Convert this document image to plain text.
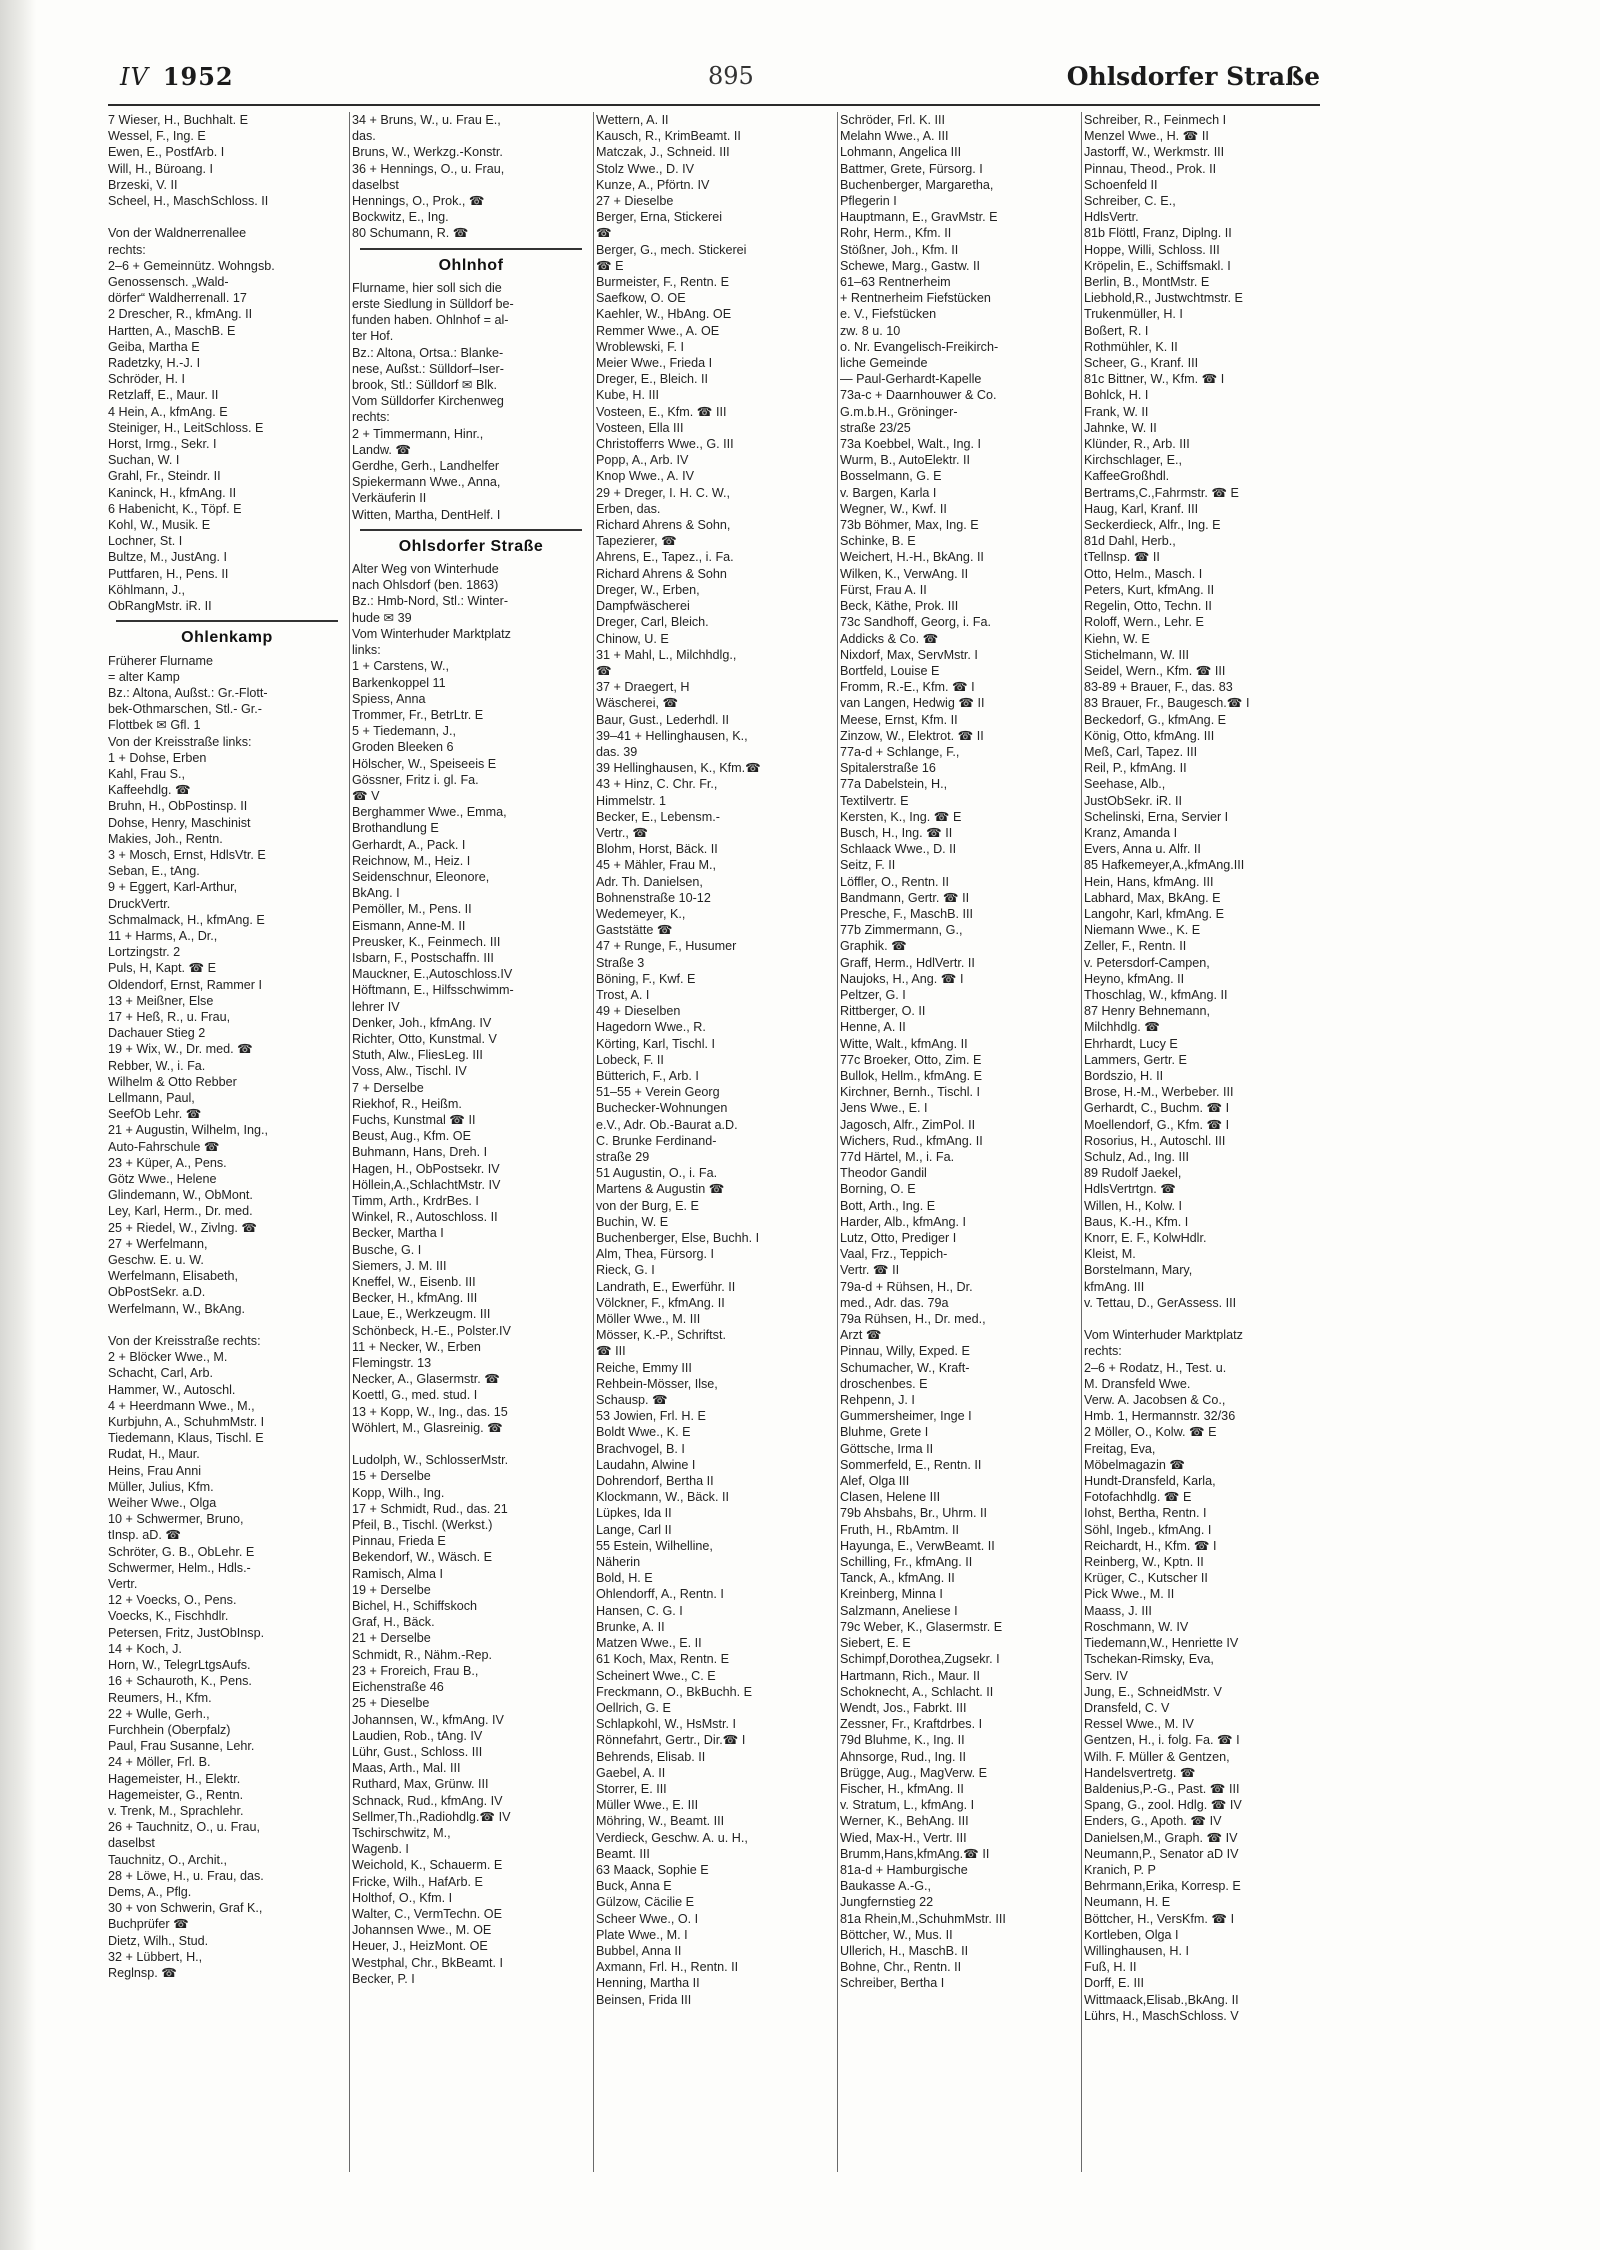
IV 1952	895	Ohlsdorfer Straße
7 Wieser, H., Buchhalt. E
Wessel, F., Ing. E
Ewen, E., PostfArb. I
Will, H., Büroang. I
Brzeski, V. II
Scheel, H., MaschSchloss. II

Von der Waldnerrenallee
rechts:
2–6 + Gemeinnütz. Wohngsb.
Genossensch. „Wald-
dörfer“ Waldherrenall. 17
2 Drescher, R., kfmAng. II
Hartten, A., MaschB. E
Geiba, Martha E
Radetzky, H.-J. I
Schröder, H. I
Retzlaff, E., Maur. II
4 Hein, A., kfmAng. E
Steiniger, H., LeitSchloss. E
Horst, Irmg., Sekr. I
Suchan, W. I
Grahl, Fr., Steindr. II
Kaninck, H., kfmAng. II
6 Habenicht, K., Töpf. E
Kohl, W., Musik. E
Lochner, St. I
Bultze, M., JustAng. I
Puttfaren, H., Pens. II
Köhlmann, J.,
ObRangMstr. iR. II
Ohlenkamp
Früherer Flurname
= alter Kamp
Bz.: Altona, Außst.: Gr.-Flott-
bek-Othmarschen, Stl.- Gr.-
Flottbek ✉ Gfl. 1
Von der Kreisstraße links:
1 + Dohse, Erben
Kahl, Frau S.,
Kaffeehdlg. ☎
Bruhn, H., ObPostinsp. II
Dohse, Henry, Maschinist
Makies, Joh., Rentn.
3 + Mosch, Ernst, HdlsVtr. E
Seban, E., tAng.
9 + Eggert, Karl-Arthur,
DruckVertr.
Schmalmack, H., kfmAng. E
11 + Harms, A., Dr.,
Lortzingstr. 2
Puls, H, Kapt. ☎ E
Oldendorf, Ernst, Rammer I
13 + Meißner, Else
17 + Heß, R., u. Frau,
Dachauer Stieg 2
19 + Wix, W., Dr. med. ☎
Rebber, W., i. Fa.
Wilhelm & Otto Rebber
Lellmann, Paul,
SeefOb Lehr. ☎
21 + Augustin, Wilhelm, Ing.,
Auto-Fahrschule ☎
23 + Küper, A., Pens.
Götz Wwe., Helene
Glindemann, W., ObMont.
Ley, Karl, Herm., Dr. med.
25 + Riedel, W., Zivlng. ☎
27 + Werfelmann,
Geschw. E. u. W.
Werfelmann, Elisabeth,
ObPostSekr. a.D.
Werfelmann, W., BkAng.

Von der Kreisstraße rechts:
2 + Blöcker Wwe., M.
Schacht, Carl, Arb.
Hammer, W., Autoschl.
4 + Heerdmann Wwe., M.,
Kurbjuhn, A., SchuhmMstr. I
Tiedemann, Klaus, Tischl. E
Rudat, H., Maur.
Heins, Frau Anni
Müller, Julius, Kfm.
Weiher Wwe., Olga
10 + Schwermer, Bruno,
tInsp. aD. ☎
Schröter, G. B., ObLehr. E
Schwermer, Helm., Hdls.-
Vertr.
12 + Voecks, O., Pens.
Voecks, K., Fischhdlr.
Petersen, Fritz, JustObInsp.
14 + Koch, J.
Horn, W., TelegrLtgsAufs.
16 + Schauroth, K., Pens.
Reumers, H., Kfm.
22 + Wulle, Gerh.,
Furchhein (Oberpfalz)
Paul, Frau Susanne, Lehr.
24 + Möller, Frl. B.
Hagemeister, H., Elektr.
Hagemeister, G., Rentn.
v. Trenk, M., Sprachlehr.
26 + Tauchnitz, O., u. Frau,
daselbst
Tauchnitz, O., Archit.,
28 + Löwe, H., u. Frau, das.
Dems, A., Pflg.
30 + von Schwerin, Graf K.,
Buchprüfer ☎
Dietz, Wilh., Stud.
32 + Lübbert, H.,
Reglnsp. ☎
34 + Bruns, W., u. Frau E.,
das.
Bruns, W., Werkzg.-Konstr.
36 + Hennings, O., u. Frau,
daselbst
Hennings, O., Prok., ☎
Bockwitz, E., Ing.
80 Schumann, R. ☎
Ohlnhof
Flurname, hier soll sich die
erste Siedlung in Sülldorf be-
funden haben. Ohlnhof = al-
ter Hof.
Bz.: Altona, Ortsa.: Blanke-
nese, Außst.: Sülldorf–Iser-
brook, Stl.: Sülldorf ✉ Blk.
Vom Sülldorfer Kirchenweg
rechts:
2 + Timmermann, Hinr.,
Landw. ☎
Gerdhe, Gerh., Landhelfer
Spiekermann Wwe., Anna,
Verkäuferin II
Witten, Martha, DentHelf. I
Ohlsdorfer Straße
Alter Weg von Winterhude
nach Ohlsdorf (ben. 1863)
Bz.: Hmb-Nord, Stl.: Winter-
hude ✉ 39
Vom Winterhuder Marktplatz
links:
1 + Carstens, W.,
Barkenkoppel 11
Spiess, Anna
Trommer, Fr., BetrLtr. E
5 + Tiedemann, J.,
Groden Bleeken 6
Hölscher, W., Speiseeis E
Gössner, Fritz i. gl. Fa.
☎ V
Berghammer Wwe., Emma,
Brothandlung E
Gerhardt, A., Pack. I
Reichnow, M., Heiz. I
Seidenschnur, Eleonore,
BkAng. I
Pemöller, M., Pens. II
Eismann, Anne-M. II
Preusker, K., Feinmech. III
Isbarn, F., Postschaffn. III
Mauckner, E.,Autoschloss.IV
Höftmann, E., Hilfsschwimm-
lehrer IV
Denker, Joh., kfmAng. IV
Richter, Otto, Kunstmal. V
Stuth, Alw., FliesLeg. III
Voss, Alw., Tischl. IV
7 + Derselbe
Riekhof, R., Heißm.
Fuchs, Kunstmal ☎ II
Beust, Aug., Kfm. OE
Buhmann, Hans, Dreh. I
Hagen, H., ObPostsekr. IV
Höllein,A.,SchlachtMstr. IV
Timm, Arth., KrdrBes. I
Winkel, R., Autoschloss. II
Becker, Martha I
Busche, G. I
Siemers, J. M. III
Kneffel, W., Eisenb. III
Becker, H., kfmAng. III
Laue, E., Werkzeugm. III
Schönbeck, H.-E., Polster.IV
11 + Necker, W., Erben
Flemingstr. 13
Necker, A., Glasermstr. ☎
Koettl, G., med. stud. I
13 + Kopp, W., Ing., das. 15
Wöhlert, M., Glasreinig. ☎

Ludolph, W., SchlosserMstr.
15 + Derselbe
Kopp, Wilh., Ing.
17 + Schmidt, Rud., das. 21
Pfeil, B., Tischl. (Werkst.)
Pinnau, Frieda E
Bekendorf, W., Wäsch. E
Ramisch, Alma I
19 + Derselbe
Bichel, H., Schiffskoch
Graf, H., Bäck.
21 + Derselbe
Schmidt, R., Nähm.-Rep.
23 + Froreich, Frau B.,
Eichenstraße 46
25 + Dieselbe
Johannsen, W., kfmAng. IV
Laudien, Rob., tAng. IV
Lühr, Gust., Schloss. III
Maas, Arth., Mal. III
Ruthard, Max, Grünw. III
Schnack, Rud., kfmAng. IV
Sellmer,Th.,Radiohdlg.☎ IV
Tschirschwitz, M.,
Wagenb. I
Weichold, K., Schauerm. E
Fricke, Wilh., HafArb. E
Holthof, O., Kfm. I
Walter, C., VermTechn. OE
Johannsen Wwe., M. OE
Heuer, J., HeizMont. OE
Westphal, Chr., BkBeamt. I
Becker, P. I
Wettern, A. II
Kausch, R., KrimBeamt. II
Matczak, J., Schneid. III
Stolz Wwe., D. IV
Kunze, A., Pförtn. IV
27 + Dieselbe
Berger, Erna, Stickerei
☎
Berger, G., mech. Stickerei
☎ E
Burmeister, F., Rentn. E
Saefkow, O. OE
Kaehler, W., HbAng. OE
Remmer Wwe., A. OE
Wroblewski, F. I
Meier Wwe., Frieda I
Dreger, E., Bleich. II
Kube, H. III
Vosteen, E., Kfm. ☎ III
Vosteen, Ella III
Christofferrs Wwe., G. III
Popp, A., Arb. IV
Knop Wwe., A. IV
29 + Dreger, I. H. C. W.,
Erben, das.
Richard Ahrens & Sohn,
Tapezierer, ☎
Ahrens, E., Tapez., i. Fa.
Richard Ahrens & Sohn
Dreger, W., Erben,
Dampfwäscherei
Dreger, Carl, Bleich.
Chinow, U. E
31 + Mahl, L., Milchhdlg.,
☎
37 + Draegert, H
Wäscherei, ☎
Baur, Gust., Lederhdl. II
39–41 + Hellinghausen, K.,
das. 39
39 Hellinghausen, K., Kfm.☎
43 + Hinz, C. Chr. Fr.,
Himmelstr. 1
Becker, E., Lebensm.-
Vertr., ☎
Blohm, Horst, Bäck. II
45 + Mähler, Frau M.,
Adr. Th. Danielsen,
Bohnenstraße 10-12
Wedemeyer, K.,
Gaststätte ☎
47 + Runge, F., Husumer
Straße 3
Böning, F., Kwf. E
Trost, A. I
49 + Dieselben
Hagedorn Wwe., R.
Körting, Karl, Tischl. I
Lobeck, F. II
Bütterich, F., Arb. I
51–55 + Verein Georg
Buchecker-Wohnungen
e.V., Adr. Ob.-Baurat a.D.
C. Brunke Ferdinand-
straße 29
51 Augustin, O., i. Fa.
Martens & Augustin ☎
von der Burg, E. E
Buchin, W. E
Buchenberger, Else, Buchh. I
Alm, Thea, Fürsorg. I
Rieck, G. I
Landrath, E., Ewerführ. II
Völckner, F., kfmAng. II
Möller Wwe., M. III
Mösser, K.-P., Schriftst.
☎ III
Reiche, Emmy III
Rehbein-Mösser, Ilse,
Schausp. ☎
53 Jowien, Frl. H. E
Boldt Wwe., K. E
Brachvogel, B. I
Laudahn, Alwine I
Dohrendorf, Bertha II
Klockmann, W., Bäck. II
Lüpkes, Ida II
Lange, Carl II
55 Estein, Wilhelline,
Näherin
Bold, H. E
Ohlendorff, A., Rentn. I
Hansen, C. G. I
Brunke, A. II
Matzen Wwe., E. II
61 Koch, Max, Rentn. E
Scheinert Wwe., C. E
Freckmann, O., BkBuchh. E
Oellrich, G. E
Schlapkohl, W., HsMstr. I
Rönnefahrt, Gertr., Dir.☎ I
Behrends, Elisab. II
Gaebel, A. II
Storrer, E. III
Müller Wwe., E. III
Möhring, W., Beamt. III
Verdieck, Geschw. A. u. H.,
Beamt. III
63 Maack, Sophie E
Buck, Anna E
Gülzow, Cäcilie E
Scheer Wwe., O. I
Plate Wwe., M. I
Bubbel, Anna II
Axmann, Frl. H., Rentn. II
Henning, Martha II
Beinsen, Frida III
Schröder, Frl. K. III
Melahn Wwe., A. III
Lohmann, Angelica III
Battmer, Grete, Fürsorg. I
Buchenberger, Margaretha,
Pflegerin I
Hauptmann, E., GravMstr. E
Rohr, Herm., Kfm. II
Stößner, Joh., Kfm. II
Schewe, Marg., Gastw. II
61–63 Rentnerheim
+ Rentnerheim Fiefstücken
e. V., Fiefstücken
zw. 8 u. 10
o. Nr. Evangelisch-Freikirch-
liche Gemeinde
— Paul-Gerhardt-Kapelle
73a-c + Daarnhouwer & Co.
G.m.b.H., Gröninger-
straße 23/25
73a Koebbel, Walt., Ing. I
Wurm, B., AutoElektr. II
Bosselmann, G. E
v. Bargen, Karla I
Wegner, W., Kwf. II
73b Böhmer, Max, Ing. E
Schinke, B. E
Weichert, H.-H., BkAng. II
Wilken, K., VerwAng. II
Fürst, Frau A. II
Beck, Käthe, Prok. III
73c Sandhoff, Georg, i. Fa.
Addicks & Co. ☎
Nixdorf, Max, ServMstr. I
Bortfeld, Louise E
Fromm, R.-E., Kfm. ☎ I
van Langen, Hedwig ☎ II
Meese, Ernst, Kfm. II
Zinzow, W., Elektrot. ☎ II
77a-d + Schlange, F.,
Spitalerstraße 16
77a Dabelstein, H.,
Textilvertr. E
Kersten, K., Ing. ☎ E
Busch, H., Ing. ☎ II
Schlaack Wwe., D. II
Seitz, F. II
Löffler, O., Rentn. II
Bandmann, Gertr. ☎ II
Presche, F., MaschB. III
77b Zimmermann, G.,
Graphik. ☎
Graff, Herm., HdlVertr. II
Naujoks, H., Ang. ☎ I
Peltzer, G. I
Rittberger, O. II
Henne, A. II
Witte, Walt., kfmAng. II
77c Broeker, Otto, Zim. E
Bullok, Hellm., kfmAng. E
Kirchner, Bernh., Tischl. I
Jens Wwe., E. I
Jagosch, Alfr., ZimPol. II
Wichers, Rud., kfmAng. II
77d Härtel, M., i. Fa.
Theodor Gandil
Borning, O. E
Bott, Arth., Ing. E
Harder, Alb., kfmAng. I
Lutz, Otto, Prediger I
Vaal, Frz., Teppich-
Vertr. ☎ II
79a-d + Rühsen, H., Dr.
med., Adr. das. 79a
79a Rühsen, H., Dr. med.,
Arzt ☎
Pinnau, Willy, Exped. E
Schumacher, W., Kraft-
droschenbes. E
Rehpenn, J. I
Gummersheimer, Inge I
Bluhme, Grete I
Göttsche, Irma II
Sommerfeld, E., Rentn. II
Alef, Olga III
Clasen, Helene III
79b Ahsbahs, Br., Uhrm. II
Fruth, H., RbAmtm. II
Hayunga, E., VerwBeamt. II
Schilling, Fr., kfmAng. II
Tanck, A., kfmAng. II
Kreinberg, Minna I
Salzmann, Aneliese I
79c Weber, K., Glasermstr. E
Siebert, E. E
Schimpf,Dorothea,Zugsekr. I
Hartmann, Rich., Maur. II
Schoknecht, A., Schlacht. II
Wendt, Jos., Fabrkt. III
Zessner, Fr., Kraftdrbes. I
79d Bluhme, K., Ing. II
Ahnsorge, Rud., Ing. II
Brügge, Aug., MagVerw. E
Fischer, H., kfmAng. II
v. Stratum, L., kfmAng. I
Werner, K., BehAng. III
Wied, Max-H., Vertr. III
Brumm,Hans,kfmAng.☎ II
81a-d + Hamburgische
Baukasse A.-G.,
Jungfernstieg 22
81a Rhein,M.,SchuhmMstr. III
Böttcher, W., Mus. II
Ullerich, H., MaschB. II
Bohne, Chr., Rentn. II
Schreiber, Bertha I
Schreiber, R., Feinmech I
Menzel Wwe., H. ☎ II
Jastorff, W., Werkmstr. III
Pinnau, Theod., Prok. II
Schoenfeld II
Schreiber, C. E.,
HdlsVertr.
81b Flöttl, Franz, Diplng. II
Hoppe, Willi, Schloss. III
Kröpelin, E., Schiffsmakl. I
Berlin, B., MontMstr. E
Liebhold,R., Justwchtmstr. E
Trukenmüller, H. I
Boßert, R. I
Rothmühler, K. II
Scheer, G., Kranf. III
81c Bittner, W., Kfm. ☎ I
Bohlck, H. I
Frank, W. II
Jahnke, W. II
Klünder, R., Arb. III
Kirchschlager, E.,
KaffeeGroßhdl.
Bertrams,C.,Fahrmstr. ☎ E
Haug, Karl, Kranf. III
Seckerdieck, Alfr., Ing. E
81d Dahl, Herb.,
tTellnsp. ☎ II
Otto, Helm., Masch. I
Peters, Kurt, kfmAng. II
Regelin, Otto, Techn. II
Roloff, Wern., Lehr. E
Kiehn, W. E
Stichelmann, W. III
Seidel, Wern., Kfm. ☎ III
83-89 + Brauer, F., das. 83
83 Brauer, Fr., Baugesch.☎ I
Beckedorf, G., kfmAng. E
König, Otto, kfmAng. III
Meß, Carl, Tapez. III
Reil, P., kfmAng. II
Seehase, Alb.,
JustObSekr. iR. II
Schelinski, Erna, Servier I
Kranz, Amanda I
Evers, Anna u. Alfr. II
85 Hafkemeyer,A.,kfmAng.III
Hein, Hans, kfmAng. III
Labhard, Max, BkAng. E
Langohr, Karl, kfmAng. E
Niemann Wwe., K. E
Zeller, F., Rentn. II
v. Petersdorf-Campen,
Heyno, kfmAng. II
Thoschlag, W., kfmAng. II
87 Henry Behnemann,
Milchhdlg. ☎
Ehrhardt, Lucy E
Lammers, Gertr. E
Bordszio, H. II
Brose, H.-M., Werbeber. III
Gerhardt, C., Buchm. ☎ I
Moellendorf, G., Kfm. ☎ I
Rosorius, H., Autoschl. III
Schulz, Ad., Ing. III
89 Rudolf Jaekel,
HdlsVertrtgn. ☎
Willen, H., Kolw. I
Baus, K.-H., Kfm. I
Knorr, E. F., KolwHdlr.
Kleist, M.
Borstelmann, Mary,
kfmAng. III
v. Tettau, D., GerAssess. III

Vom Winterhuder Marktplatz
rechts:
2–6 + Rodatz, H., Test. u.
M. Dransfeld Wwe.
Verw. A. Jacobsen & Co.,
Hmb. 1, Hermannstr. 32/36
2 Möller, O., Kolw. ☎ E
Freitag, Eva,
Möbelmagazin ☎
Hundt-Dransfeld, Karla,
Fotofachhdlg. ☎ E
Iohst, Bertha, Rentn. I
Söhl, Ingeb., kfmAng. I
Reichardt, H., Kfm. ☎ I
Reinberg, W., Kptn. II
Krüger, C., Kutscher II
Pick Wwe., M. II
Maass, J. III
Roschmann, W. IV
Tiedemann,W., Henriette IV
Tschekan-Rimsky, Eva,
Serv. IV
Jung, E., SchneidMstr. V
Dransfeld, C. V
Ressel Wwe., M. IV
Gentzen, H., i. folg. Fa. ☎ I
Wilh. F. Müller & Gentzen,
Handelsvertretg. ☎
Baldenius,P.-G., Past. ☎ III
Spang, G., zool. Hdlg. ☎ IV
Enders, G., Apoth. ☎ IV
Danielsen,M., Graph. ☎ IV
Neumann,P., Senator aD IV
Kranich, P. P
Behrmann,Erika, Korresp. E
Neumann, H. E
Böttcher, H., VersKfm. ☎ I
Kortleben, Olga I
Willinghausen, H. I
Fuß, H. II
Dorff, E. III
Wittmaack,Elisab.,BkAng. II
Lührs, H., MaschSchloss. V
